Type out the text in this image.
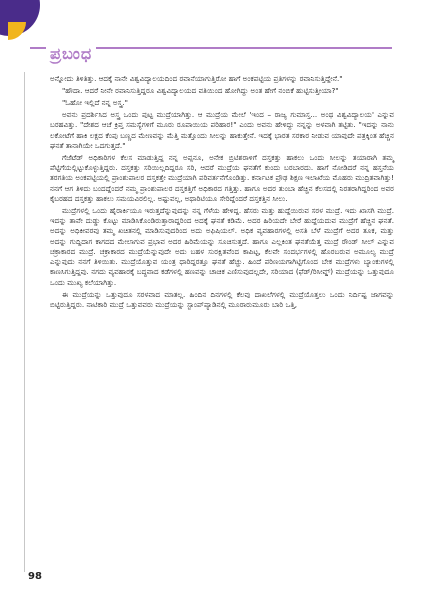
ಪ್ರಬಂಧ

ಅನ್ನೋದು ತಿಳಿತಿತ್ತು. ಆದಕ್ಕೆ ನಾನೇ ವಿಶ್ವವಿದ್ಯಾಲಯದಿಂದ ರವಾನೆಯಾಗುತ್ತಿರೋ ಹಾಗೆ ಅಂಕಪಟ್ಟಿಯ ಪ್ರತಿಗಳನ್ನು ರವಾನಿಸುತ್ತಿದ್ದೇನೆ."

"ಹೌದಾ. ಆದರೆ ನೀನೇ ರವಾನಿಸುತ್ತಿದ್ದರೂ ವಿಶ್ವವಿದ್ಯಾಲಯದ ವತಿಯಿಂದ ಹೋಗಿದ್ದು ಅಂತ ಹೇಗೆ ನಂಬಿಕೆ ಹುಟ್ಟಿಸುತ್ತೀಯಾ?"

"ಓಹೋ ಇಲ್ಲಿದೆ ನನ್ನ ಅಸ್ತ್ರ."

ಅವನು ಪ್ರದರ್ಶಿಸಿದ ಅಸ್ತ್ರ ಒಂದು ಪುಟ್ಟ ಮುದ್ರೆಯಾಗಿತ್ತು. ಆ ಮುದ್ರೆಯ ಮೇಲೆ 'ಇಂದ – ರಾಜ್ಯ ಗುಮಾಸ್ತ... ಅಂಥ ವಿಶ್ವವಿದ್ಯಾಲಯ' ಎನ್ನುವ ಬರಹವಿತ್ತು. "ದೇಶದ ಆಚೆ ಕ್ರಿಪ್ತ ಸಮಸ್ಯೆಗಳಿಗೆ ಮೂರು ರೂಪಾಯಿಯ ಪರಿಹಾರ!" ಎಂದು ಅವನು ಹೇಳಿದ್ದು ನನ್ನನ್ನು ಅಳವಾಗಿ ತಟ್ಟಿತು. "ಇದನ್ನು ನಾನು ಲಕೋಟೆಗೆ ಹಾಕಿ ಲಕ್ಷದ ಕೆಂಪು ಬಣ್ಣದ ಮೇಣವನ್ನು ಮೆತ್ತಿ ಮತ್ತೊಂದು ಸೀಲನ್ನು ಹಾಕುತ್ತೇನೆ. ಇದಕ್ಕೆ ಭಾರತ ಸರಕಾರ ನೀಡುವ ಯಾವುದೇ ಪತ್ರಕ್ಕಿಂತ ಹೆಚ್ಚಿನ ಘನತೆ ತಾನಾಗಿಯೇ ಒದಗುತ್ತದೆ."

ಗೆಜೆಟೆಡ್ ಅಧಿಕಾರಿಗಳ ಕೆಲಸ ಮಾಡುತ್ತಿದ್ದ ನನ್ನ ಅಪ್ಪನೂ, ಅನೇಕ ಬ್ರಿಟಿಶರಾಳಿಗೆ ದಸ್ತಕತ್ತು ಹಾಕಲು ಒಂದು ಸೀಲನ್ನು ತಯಾರಾಗಿ ತಮ್ಮ ಪೆಟ್ಟಿಗೆಯಲ್ಲಿಟ್ಟುಕೊಳ್ಳುತ್ತಿದ್ದರು. ದಸ್ತಕತ್ತು ಸರಿಯಿಲ್ಲದಿದ್ದರೂ ಸರಿ, ಆದರೆ ಮುದ್ರೆಯ ಘನತೆಗೆ ಕುಂದು ಬರಬಾರದು. ಹಾಗೆ ನೋಡಿದರೆ ನನ್ನ ಹಸ್ತನೆಯ ತರಗತಿಯ ಅಂಕಪಟ್ಟಿಯಲ್ಲಿ ಪ್ರಾಂಶುಪಾಲರ ದಸ್ತಕತ್ತೇ ಮುದ್ರೆಯಾಗಿ ಪರಿವರ್ತನೆಗೊಂಡಿತ್ತು. ಕರ್ನಾಟಕ ಪ್ರೌಢ ಶಿಕ್ಷಣ ಇಲಾಖೆಯ ಮೊಹರು ಮುದ್ರಿತವಾಗಿತ್ತು! ನನಗೆ ಆಗ ತಿಳಿದು ಬಂದದ್ದೆಂದರೆ ನಮ್ಮ ಪ್ರಾಂಶುಪಾಲರ ದಸ್ತಕತ್ತಿಗೆ ಅಧಿಕಾರದ ಗತ್ತಿತ್ತು. ಹಾಗೂ ಅದರ ತುಂಬಾ ಹೆಚ್ಚಿನ ಕೆಲಸದಲ್ಲಿ ನಿರತರಾಗಿದ್ದರಿಂದ ಅವರ ಕೈಬರಹದ ದಸ್ತಕತ್ತು ಹಾಕಲು ಸಮಯವಿರಲಿಲ್ಲ. ಅಷ್ಟುವಲ್ಲ, ಅಥಾರಿಟಿಯೂ ಸೇರಿದ್ದೆಂದರೆ ದಸ್ತಕತ್ತಿನ ಸೀಲು.

ಮುದ್ರೆಗಳಲ್ಲಿ ಒಂದು ಹೈರಾರ್ಕಿಯೂ ಇರುತ್ತದೆನ್ನುವುದನ್ನು ನನ್ನ ಗೆಳೆಯ ಹೇಳಿದ್ದ. ಹೆಸರು ಮತ್ತು ಹುದ್ದೆಯಿರುವ ಸರಳ ಮುದ್ರೆ. ಇದು ಖಾಸಗಿ ಮುದ್ರೆ. ಇದನ್ನು ತಾವೇ ದುಡ್ಡು ಕೊಟ್ಟು ಮಾಡಿಸಿಕೊಂಡಿರುತ್ತಾರಾದ್ದರಿಂದ ಅದಕ್ಕೆ ಘನತೆ ಕಡಿಮೆ. ಅದರ ಹಿರಿಯದೇ ಬೇರೆ ಹುದ್ದೆಯದುವ ಮುದ್ರೆಗೆ ಹೆಚ್ಚಿನ ಘನತೆ. ಅದನ್ನು ಅಧಿಕೀವರವು ತಮ್ಮ ಖಚಿತನಲ್ಲಿ ಮಾಡಿಸುವುದರಿಂದ ಅದು ಅಫಿಷಿಯಲ್. ಅಧಿಕ ವ್ಯವಹಾರಗಳಲ್ಲಿ ಅಸತಿ ಬೆಳೆ ಮುದ್ರೆಗೆ ಅದರ ತೂಕ, ಮತ್ತು ಅದನ್ನು ಗುದ್ದಿದಾಗ ಕಾಗದದ ಮೇಲಾಗುವ ಪ್ರಭಾವ ಅದರ ಹಿರಿಮೆಯನ್ನು ಸೂಚಿಸುತ್ತದೆ. ಹಾಗೂ ಎಲ್ಲಕಿಂತ ಘನತೆಯೆತ್ತ ಮುದ್ರೆ ರೌಂಡ್ ಸೀಲ್ ಎನ್ನುವ ಚಕ್ರಾಕಾರದ ಮುದ್ರೆ. ಚಕ್ರಾಕಾರದ ಮುದ್ರೆಯೆನ್ನುವುದೇ ಅದು ಬಹಳ ಸುರಕ್ಷಿತವೆಂದ ಕಾಪಿಟ್ಟ, ಕೆಲವೇ ಸಂದರ್ಭಗಳಲ್ಲಿ ಹೊರಬರುವ ಅಮೂಲ್ಯ ಮುದ್ರೆ ಎನ್ನುವುದು ನನಗೆ ತಿಳಿಯಿತು. ಮುದ್ರೆಯೊತ್ತುವ ಯಂತ್ರ ಧಾರಿದ್ದರತ್ತೂ ಘನತೆ ಹೆಚ್ಚು. ಹಿಂದೆ ಪರಿಣಯಗಾಗಿಟ್ಟಿಗೊಂದ ಬೇಕ ಮುದ್ರೆಗಳು ಬ್ಯಾಂಕುಗಳಲ್ಲಿ ಕಾಣಸಿಗುತ್ತಿದ್ದವು. ನಗದು ವ್ಯವಹಾರಕ್ಕೆ ಬದ್ಧವಾದ ಕಡೆಗಳಲ್ಲಿ ಹಣವನ್ನು ಚಾಚಿಕ ಎಣಿಸುವುದಲ್ಲದೇ, ಸರಿಯಾದ (ಫೆಡ್/ರಿಸೀವ್ಡ್) ಮುದ್ರೆಯನ್ನು ಒತ್ತುವುದೂ ಒಂದು ಮುಖ್ಯ ಕಲೆಯಾಗಿತ್ತು.

ಈ ಮುದ್ರೆಯನ್ನು ಒತ್ತುವುದೂ ಸರಳವಾದ ಮಾತಲ್ಲ. ಹಿಂದಿನ ದಿನಗಳಲ್ಲಿ ಕೆಲವು ದಾಖಲೆಗಳಲ್ಲಿ ಮುದ್ರೆಯೊತ್ತಲು ಒಂದು ನಿರ್ದಿಷ್ಟ ಜಾಗವನ್ನು ಬಿಟ್ಟಿರುತ್ತಿದ್ದರು. ನಾಟಿಕಾರಿ ಮುದ್ರೆ ಒತ್ತುವವರು ಮುದ್ರೆಯನ್ನು ಸ್ಟಾಂಪ್‌ಪ್ಯಾಡಿನಲ್ಲಿ ಮೂರಾರುಮೂರು ಬಾರಿ ಒತ್ತಿ,

98
